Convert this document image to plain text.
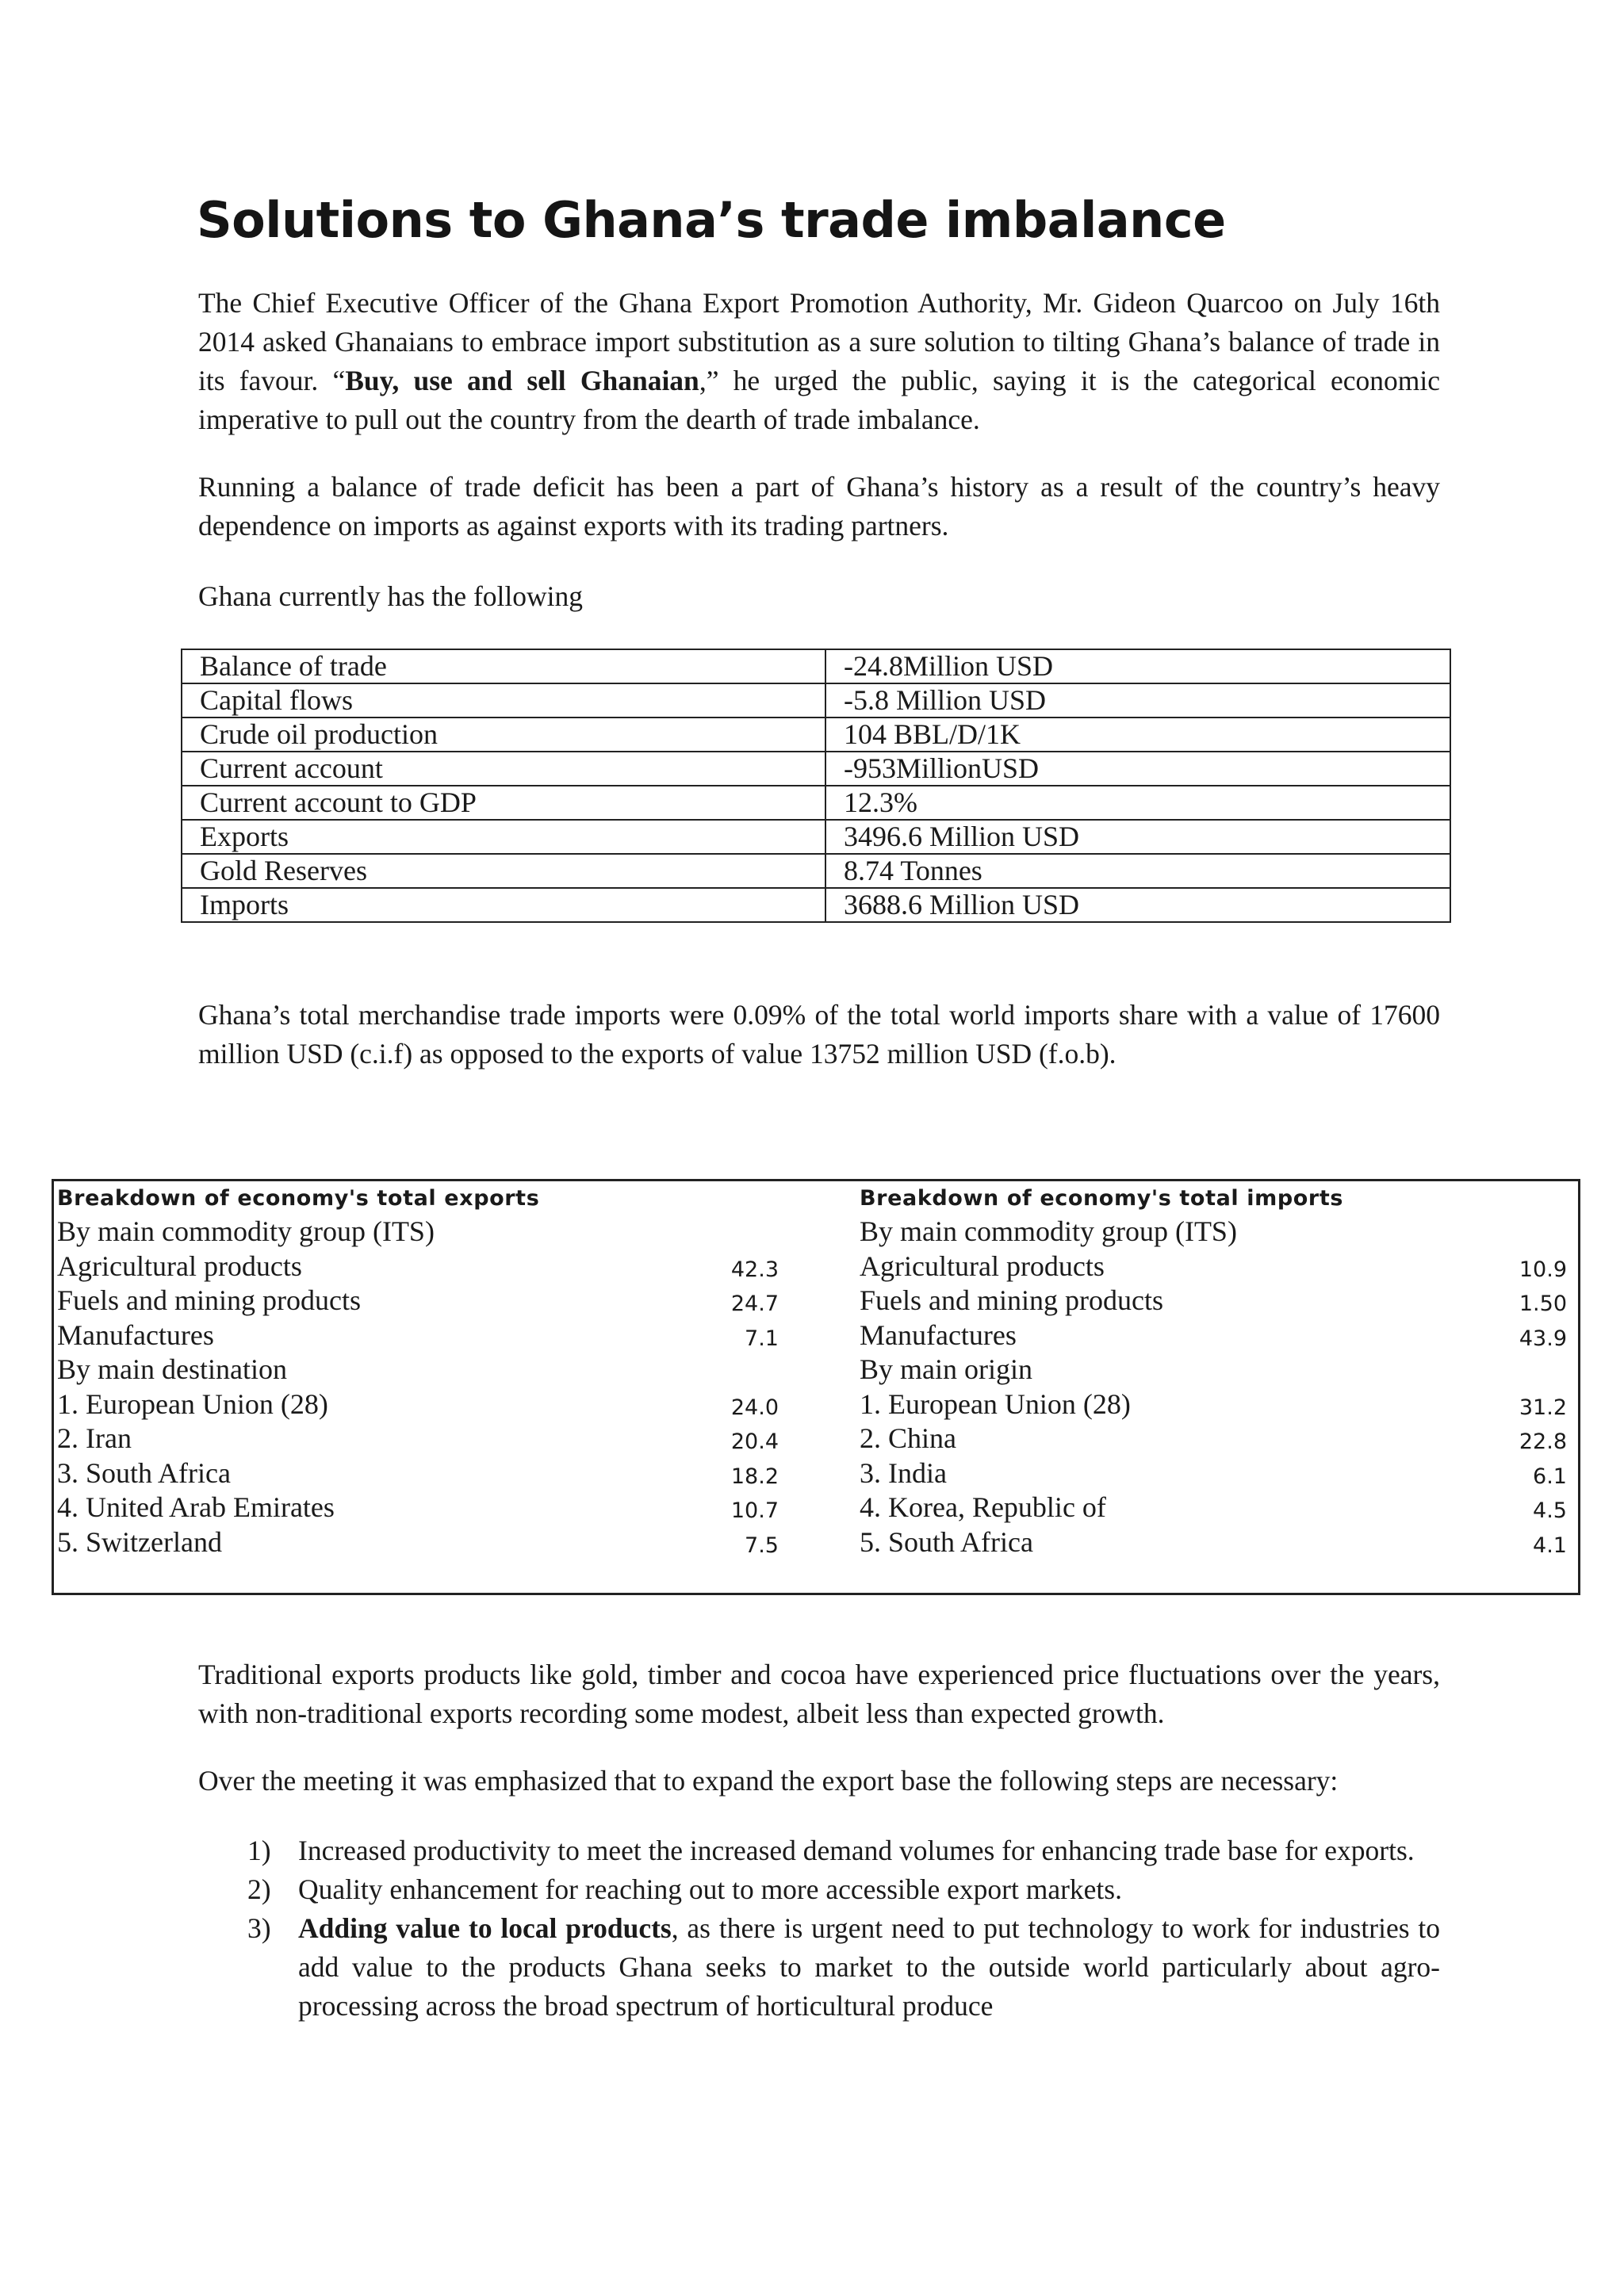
Solutions to Ghana’s trade imbalance

The Chief Executive Officer of the Ghana Export Promotion Authority, Mr. Gideon Quarcoo on July 16th 2014 asked Ghanaians to embrace import substitution as a sure solution to tilting Ghana’s balance of trade in its favour. “Buy, use and sell Ghanaian,” he urged the public, saying it is the categorical economic imperative to pull out the country from the dearth of trade imbalance.

Running a balance of trade deficit has been a part of Ghana’s history as a result of the country’s heavy dependence on imports as against exports with its trading partners.

Ghana currently has the following

Balance of trade	-24.8Million USD
Capital flows	-5.8 Million USD
Crude oil production	104 BBL/D/1K
Current account	-953MillionUSD
Current account to GDP	12.3%
Exports	3496.6 Million USD
Gold Reserves	8.74 Tonnes
Imports	3688.6 Million USD

Ghana’s total merchandise trade imports were 0.09% of the total world imports share with a value of 17600 million USD (c.i.f) as opposed to the exports of value 13752 million USD (f.o.b).

Breakdown of economy's total exports
By main commodity group (ITS)
Agricultural products	42.3
Fuels and mining products	24.7
Manufactures	7.1
By main destination
1. European Union (28)	24.0
2. Iran	20.4
3. South Africa	18.2
4. United Arab Emirates	10.7
5. Switzerland	7.5
Breakdown of economy's total imports
By main commodity group (ITS)
Agricultural products	10.9
Fuels and mining products	1.50
Manufactures	43.9
By main origin
1. European Union (28)	31.2
2. China	22.8
3. India	6.1
4. Korea, Republic of	4.5
5. South Africa	4.1

Traditional exports products like gold, timber and cocoa have experienced price fluctuations over the years, with non-traditional exports recording some modest, albeit less than expected growth.

Over the meeting it was emphasized that to expand the export base the following steps are necessary:

1) Increased productivity to meet the increased demand volumes for enhancing trade base for exports.
2) Quality enhancement for reaching out to more accessible export markets.
3) Adding value to local products, as there is urgent need to put technology to work for industries to add value to the products Ghana seeks to market to the outside world particularly about agro-processing across the broad spectrum of horticultural produce
